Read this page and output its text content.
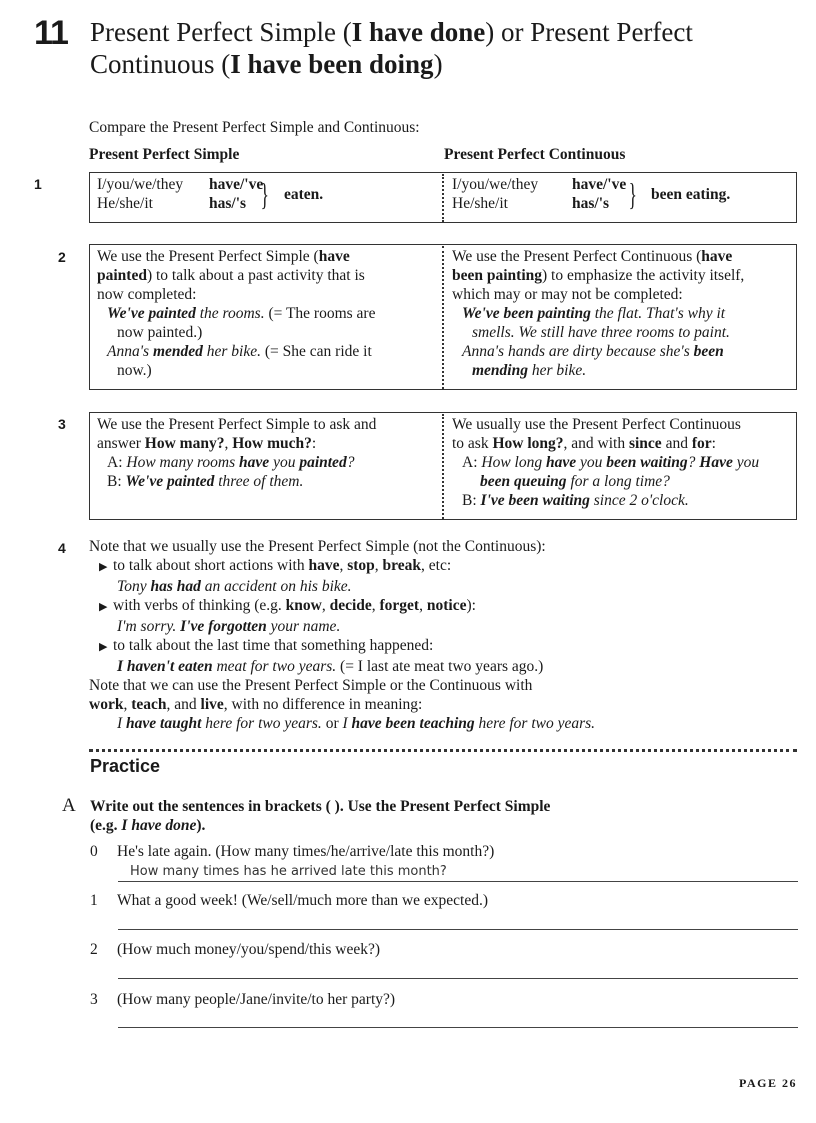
11 Present Perfect Simple (I have done) or Present Perfect Continuous (I have been doing)
Compare the Present Perfect Simple and Continuous:
Present Perfect Simple	Present Perfect Continuous
1	I/you/we/they	have/'ve
He/she/it	has/'s } eaten.
I/you/we/they	have/'ve
He/she/it	has/'s } been eating.
2 We use the Present Perfect Simple (have
painted) to talk about a past activity that is
now completed:
We've painted the rooms. (= The rooms are
now painted.)
Anna's mended her bike. (= She can ride it
now.)
We use the Present Perfect Continuous (have
been painting) to emphasize the activity itself,
which may or may not be completed:
We've been painting the flat. That's why it
smells. We still have three rooms to paint.
Anna's hands are dirty because she's been
mending her bike.
3 We use the Present Perfect Simple to ask and
answer How many?, How much?:
A: How many rooms have you painted?
B: We've painted three of them.
We usually use the Present Perfect Continuous
to ask How long?, and with since and for:
A: How long have you been waiting? Have you
been queuing for a long time?
B: I've been waiting since 2 o'clock.
4 Note that we usually use the Present Perfect Simple (not the Continuous):
▶ to talk about short actions with have, stop, break, etc:
Tony has had an accident on his bike.
▶ with verbs of thinking (e.g. know, decide, forget, notice):
I'm sorry. I've forgotten your name.
▶ to talk about the last time that something happened:
I haven't eaten meat for two years. (= I last ate meat two years ago.)
Note that we can use the Present Perfect Simple or the Continuous with
work, teach, and live, with no difference in meaning:
I have taught here for two years. or I have been teaching here for two years.
Practice
A Write out the sentences in brackets ( ). Use the Present Perfect Simple
(e.g. I have done).
0 He's late again. (How many times/he/arrive/late this month?)
How many times has he arrived late this month?
1 What a good week! (We/sell/much more than we expected.)
2 (How much money/you/spend/this week?)
3 (How many people/Jane/invite/to her party?)
PAGE 26
